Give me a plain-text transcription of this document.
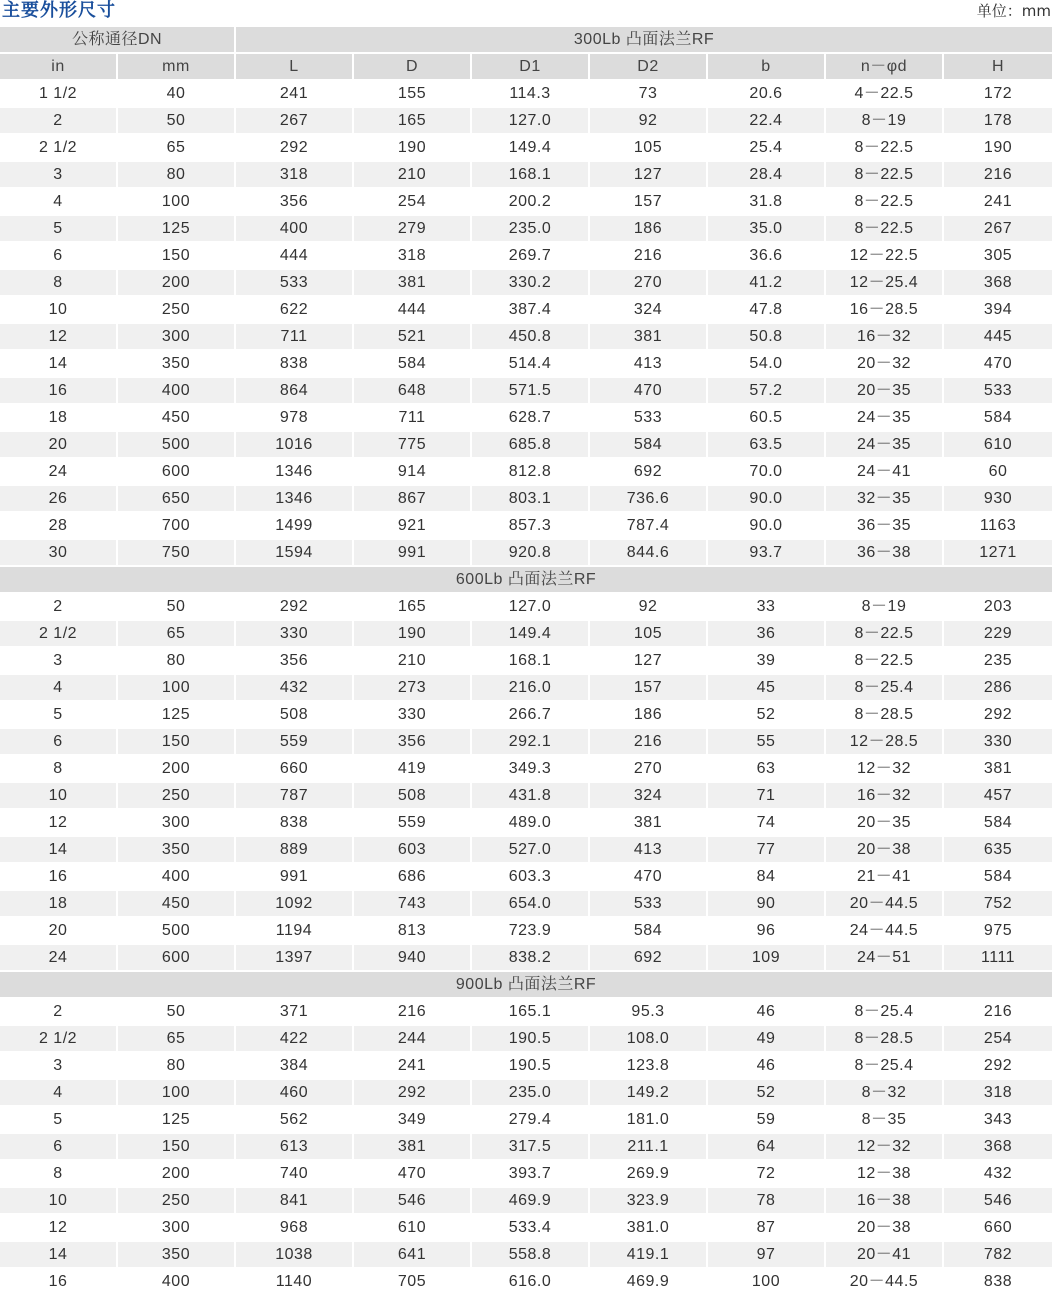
主要外形尺寸	单位：mm
公称通径DN		300Lb 凸面法兰RF						
in	mm	L	D	D1	D2	b	n－φd	H
1 1/2	40	241	155	114.3	73	20.6	4－22.5	172
2	50	267	165	127.0	92	22.4	8－19	178
2 1/2	65	292	190	149.4	105	25.4	8－22.5	190
3	80	318	210	168.1	127	28.4	8－22.5	216
4	100	356	254	200.2	157	31.8	8－22.5	241
5	125	400	279	235.0	186	35.0	8－22.5	267
6	150	444	318	269.7	216	36.6	12－22.5	305
8	200	533	381	330.2	270	41.2	12－25.4	368
10	250	622	444	387.4	324	47.8	16－28.5	394
12	300	711	521	450.8	381	50.8	16－32	445
14	350	838	584	514.4	413	54.0	20－32	470
16	400	864	648	571.5	470	57.2	20－35	533
18	450	978	711	628.7	533	60.5	24－35	584
20	500	1016	775	685.8	584	63.5	24－35	610
24	600	1346	914	812.8	692	70.0	24－41	60
26	650	1346	867	803.1	736.6	90.0	32－35	930
28	700	1499	921	857.3	787.4	90.0	36－35	1163
30	750	1594	991	920.8	844.6	93.7	36－38	1271
600Lb 凸面法兰RF								
2	50	292	165	127.0	92	33	8－19	203
2 1/2	65	330	190	149.4	105	36	8－22.5	229
3	80	356	210	168.1	127	39	8－22.5	235
4	100	432	273	216.0	157	45	8－25.4	286
5	125	508	330	266.7	186	52	8－28.5	292
6	150	559	356	292.1	216	55	12－28.5	330
8	200	660	419	349.3	270	63	12－32	381
10	250	787	508	431.8	324	71	16－32	457
12	300	838	559	489.0	381	74	20－35	584
14	350	889	603	527.0	413	77	20－38	635
16	400	991	686	603.3	470	84	21－41	584
18	450	1092	743	654.0	533	90	20－44.5	752
20	500	1194	813	723.9	584	96	24－44.5	975
24	600	1397	940	838.2	692	109	24－51	1111
900Lb 凸面法兰RF								
2	50	371	216	165.1	95.3	46	8－25.4	216
2 1/2	65	422	244	190.5	108.0	49	8－28.5	254
3	80	384	241	190.5	123.8	46	8－25.4	292
4	100	460	292	235.0	149.2	52	8－32	318
5	125	562	349	279.4	181.0	59	8－35	343
6	150	613	381	317.5	211.1	64	12－32	368
8	200	740	470	393.7	269.9	72	12－38	432
10	250	841	546	469.9	323.9	78	16－38	546
12	300	968	610	533.4	381.0	87	20－38	660
14	350	1038	641	558.8	419.1	97	20－41	782
16	400	1140	705	616.0	469.9	100	20－44.5	838
